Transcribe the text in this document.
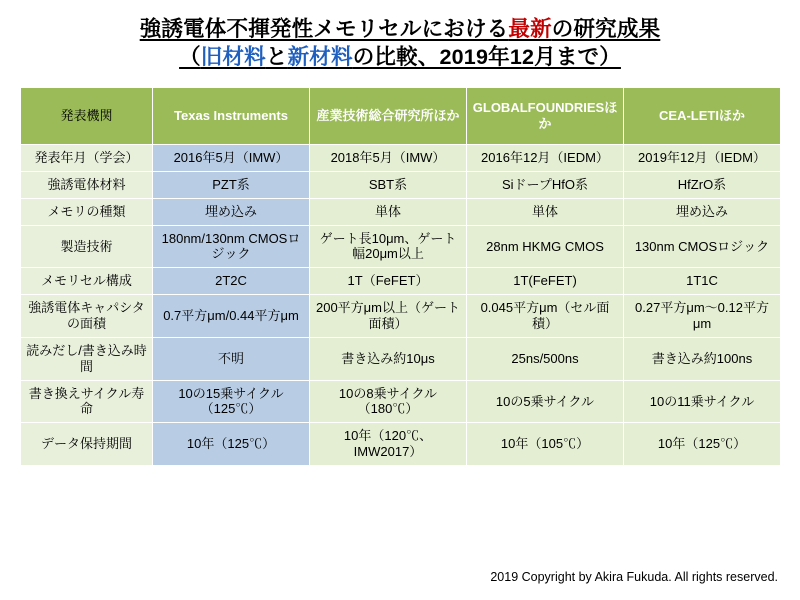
強誘電体不揮発性メモリセルにおける最新の研究成果
（旧材料と新材料の比較、2019年12月まで）
発表機関	Texas Instruments	産業技術総合研究所ほか	GLOBALFOUNDRIESほか	CEA-LETIほか
発表年月（学会）	2016年5月（IMW）	2018年5月（IMW）	2016年12月（IEDM）	2019年12月（IEDM）
強誘電体材料	PZT系	SBT系	SiドープHfO系	HfZrO系
メモリの種類	埋め込み	単体	単体	埋め込み
製造技術	180nm/130nm CMOSロジック	ゲート長10μm、ゲート幅20μm以上	28nm HKMG CMOS	130nm CMOSロジック
メモリセル構成	2T2C	1T（FeFET）	1T(FeFET)	1T1C
強誘電体キャパシタの面積	0.7平方μm/0.44平方μm	200平方μm以上（ゲート面積）	0.045平方μm（セル面積）	0.27平方μm〜0.12平方μm
読みだし/書き込み時間	不明	書き込み約10μs	25ns/500ns	書き込み約100ns
書き換えサイクル寿命	10の15乗サイクル（125℃）	10の8乗サイクル（180℃）	10の5乗サイクル	10の11乗サイクル
データ保持期間	10年（125℃）	10年（120℃、IMW2017）	10年（105℃）	10年（125℃）
2019 Copyright by Akira Fukuda. All rights reserved.
